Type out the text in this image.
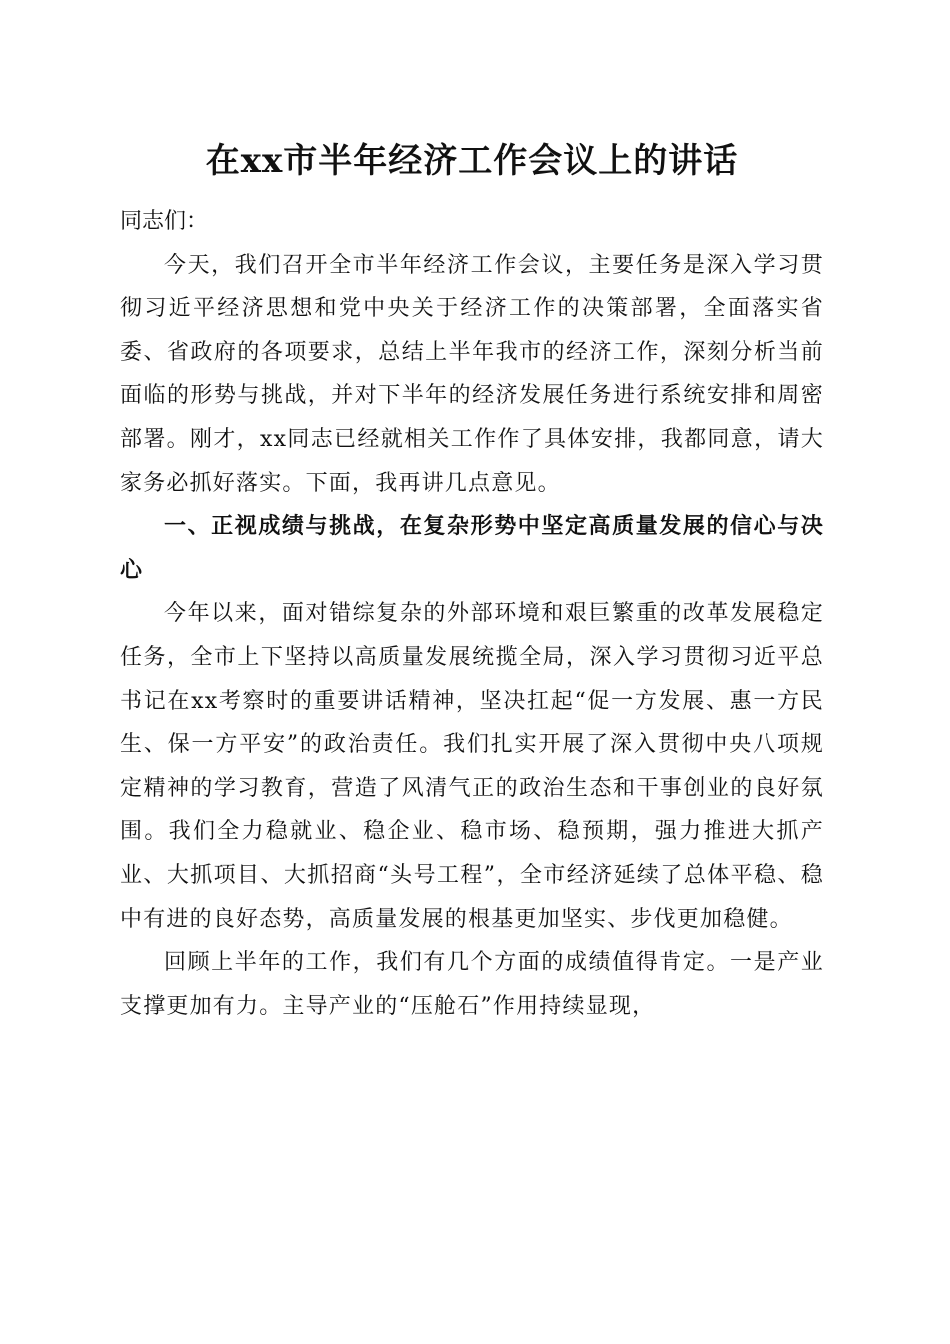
在xx市半年经济工作会议上的讲话

同志们：

今天，我们召开全市半年经济工作会议，主要任务是深入学习贯彻习近平经济思想和党中央关于经济工作的决策部署，全面落实省委、省政府的各项要求，总结上半年我市的经济工作，深刻分析当前面临的形势与挑战，并对下半年的经济发展任务进行系统安排和周密部署。刚才，xx同志已经就相关工作作了具体安排，我都同意，请大家务必抓好落实。下面，我再讲几点意见。

一、正视成绩与挑战，在复杂形势中坚定高质量发展的信心与决心

今年以来，面对错综复杂的外部环境和艰巨繁重的改革发展稳定任务，全市上下坚持以高质量发展统揽全局，深入学习贯彻习近平总书记在xx考察时的重要讲话精神，坚决扛起“促一方发展、惠一方民生、保一方平安”的政治责任。我们扎实开展了深入贯彻中央八项规定精神的学习教育，营造了风清气正的政治生态和干事创业的良好氛围。我们全力稳就业、稳企业、稳市场、稳预期，强力推进大抓产业、大抓项目、大抓招商“头号工程”，全市经济延续了总体平稳、稳中有进的良好态势，高质量发展的根基更加坚实、步伐更加稳健。

回顾上半年的工作，我们有几个方面的成绩值得肯定。一是产业支撑更加有力。主导产业的“压舱石”作用持续显现，
